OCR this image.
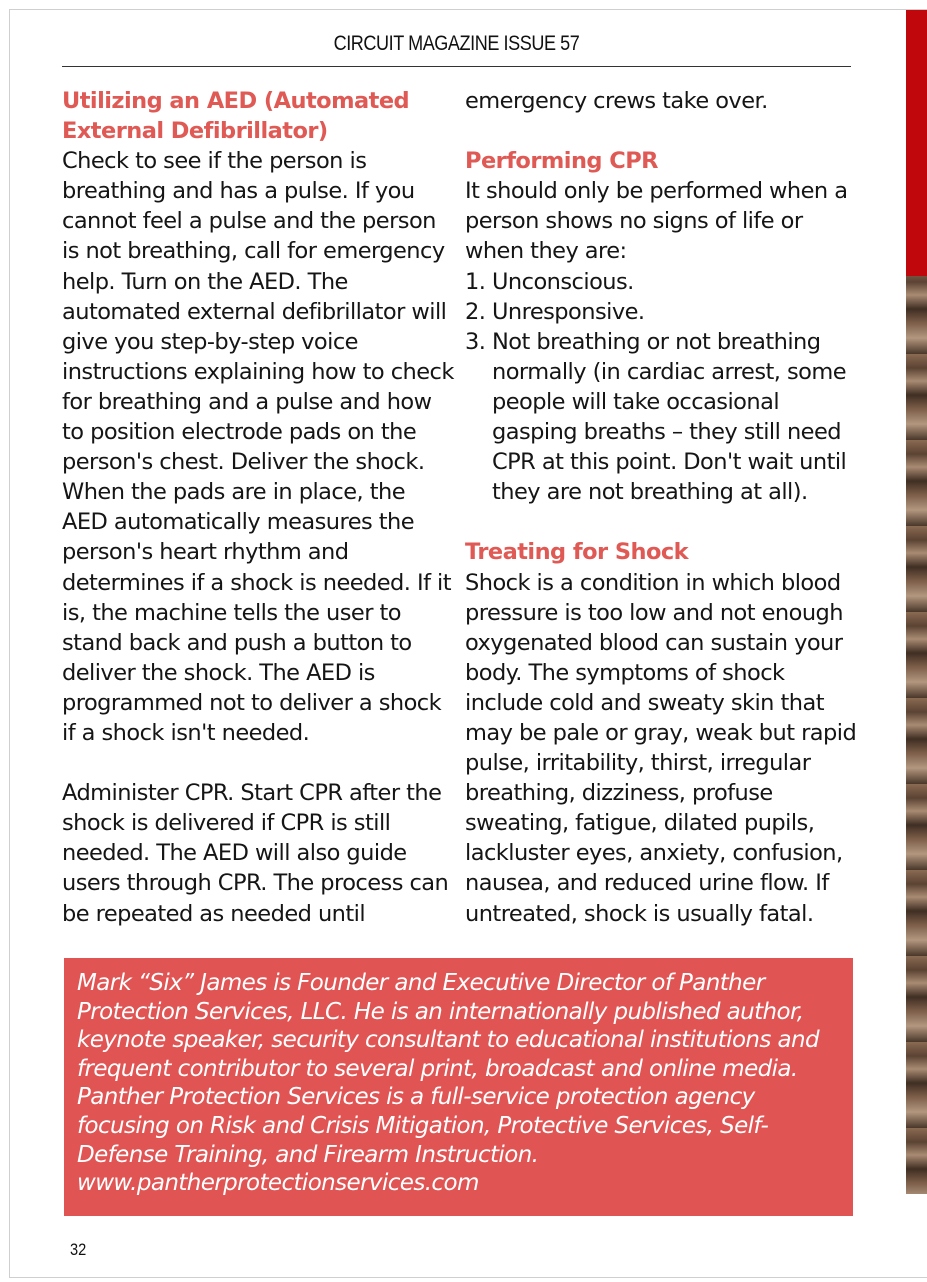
CIRCUIT MAGAZINE ISSUE 57

Utilizing an AED (Automated External Defibrillator)

Check to see if the person is breathing and has a pulse. If you cannot feel a pulse and the person is not breathing, call for emergency help. Turn on the AED. The automated external defibrillator will give you step-by-step voice instructions explaining how to check for breathing and a pulse and how to position electrode pads on the person's chest. Deliver the shock. When the pads are in place, the AED automatically measures the person's heart rhythm and determines if a shock is needed. If it is, the machine tells the user to stand back and push a button to deliver the shock. The AED is programmed not to deliver a shock if a shock isn't needed.

Administer CPR. Start CPR after the shock is delivered if CPR is still needed. The AED will also guide users through CPR. The process can be repeated as needed until

emergency crews take over.

Performing CPR

It should only be performed when a person shows no signs of life or when they are:

1. Unconscious.
2. Unresponsive.
3. Not breathing or not breathing normally (in cardiac arrest, some people will take occasional gasping breaths – they still need CPR at this point. Don't wait until they are not breathing at all).

Treating for Shock

Shock is a condition in which blood pressure is too low and not enough oxygenated blood can sustain your body. The symptoms of shock include cold and sweaty skin that may be pale or gray, weak but rapid pulse, irritability, thirst, irregular breathing, dizziness, profuse sweating, fatigue, dilated pupils, lackluster eyes, anxiety, confusion, nausea, and reduced urine flow. If untreated, shock is usually fatal.

Mark “Six” James is Founder and Executive Director of Panther Protection Services, LLC. He is an internationally published author, keynote speaker, security consultant to educational institutions and frequent contributor to several print, broadcast and online media. Panther Protection Services is a full-service protection agency focusing on Risk and Crisis Mitigation, Protective Services, Self-Defense Training, and Firearm Instruction.

www.pantherprotectionservices.com

32
